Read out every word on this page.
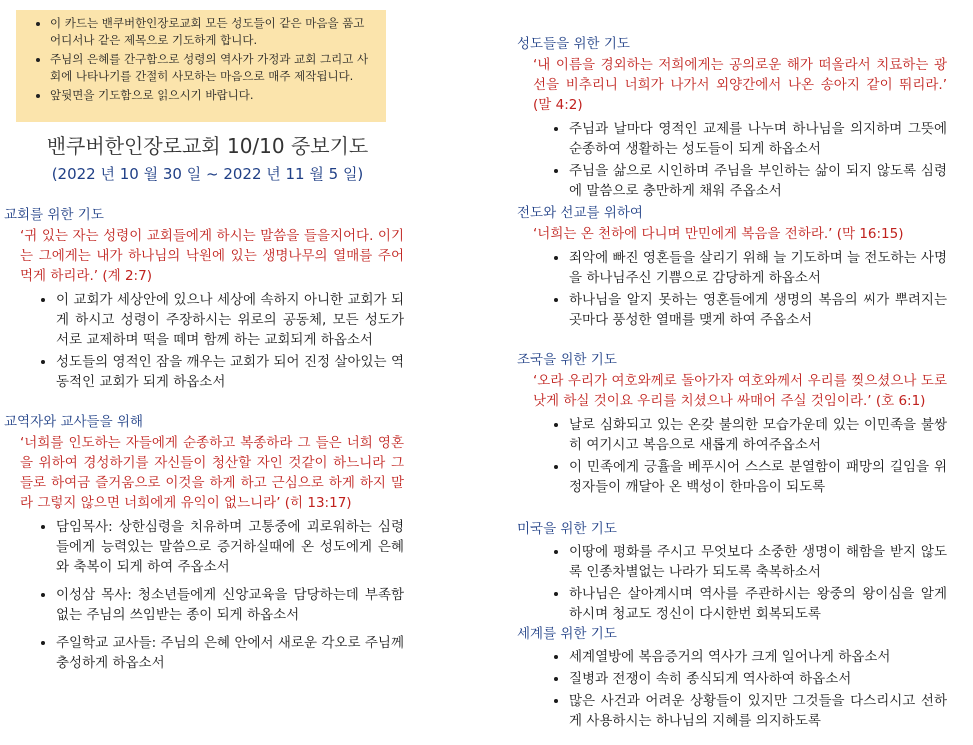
• 이 카드는 밴쿠버한인장로교회 모든 성도들이 같은 마음을 품고 어디서나 같은 제목으로 기도하게 합니다.
• 주님의 은혜를 간구함으로 성령의 역사가 가정과 교회 그리고 사회에 나타나기를 간절히 사모하는 마음으로 매주 제작됩니다.
• 앞뒷면을 기도함으로 읽으시기 바랍니다.
밴쿠버한인장로교회 10/10 중보기도
(2022 년 10 월 30 일 ~ 2022 년 11 월 5 일)

교회를 위한 기도

‘귀 있는 자는 성령이 교회들에게 하시는 말씀을 들을지어다. 이기는 그에게는 내가 하나님의 낙원에 있는 생명나무의 열매를 주어 먹게 하리라.’ (계 2:7)

• 이 교회가 세상안에 있으나 세상에 속하지 아니한 교회가 되게 하시고 성령이 주장하시는 위로의 공동체, 모든 성도가 서로 교제하며 떡을 떼며 함께 하는 교회되게 하옵소서
• 성도들의 영적인 잠을 깨우는 교회가 되어 진정 살아있는 역동적인 교회가 되게 하옵소서

교역자와 교사들을 위해

‘너희를 인도하는 자들에게 순종하고 복종하라 그 들은 너희 영혼을 위하여 경성하기를 자신들이 청산할 자인 것같이 하느니라 그들로 하여금 즐거움으로 이것을 하게 하고 근심으로 하게 하지 말라 그렇지 않으면 너희에게 유익이 없느니라’ (히 13:17)

• 담임목사: 상한심령을 치유하며 고통중에 괴로워하는 심령들에게 능력있는 말씀으로 증거하실때에 온 성도에게 은혜와 축복이 되게 하여 주옵소서
• 이성삼 목사: 청소년들에게 신앙교육을 담당하는데 부족함없는 주님의 쓰임받는 종이 되게 하옵소서
• 주일학교 교사들: 주님의 은혜 안에서 새로운 각오로 주님께 충성하게 하옵소서

성도들을 위한 기도

‘내 이름을 경외하는 저희에게는 공의로운 해가 떠올라서 치료하는 광선을 비추리니 너희가 나가서 외양간에서 나온 송아지 같이 뛰리라.’ (말 4:2)

• 주님과 날마다 영적인 교제를 나누며 하나님을 의지하며 그뜻에 순종하여 생활하는 성도들이 되게 하옵소서
• 주님을 삶으로 시인하며 주님을 부인하는 삶이 되지 않도록 심령에 말씀으로 충만하게 채워 주옵소서

전도와 선교를 위하여

‘너희는 온 천하에 다니며 만민에게 복음을 전하라.’ (막 16:15)

• 죄악에 빠진 영혼들을 살리기 위해 늘 기도하며 늘 전도하는 사명을 하나님주신 기쁨으로 감당하게 하옵소서
• 하나님을 알지 못하는 영혼들에게 생명의 복음의 씨가 뿌려지는 곳마다 풍성한 열매를 맺게 하여 주옵소서

조국을 위한 기도

‘오라 우리가 여호와께로 돌아가자 여호와께서 우리를 찢으셨으나 도로 낫게 하실 것이요 우리를 치셨으나 싸매어 주실 것임이라.’ (호 6:1)

• 날로 심화되고 있는 온갖 불의한 모습가운데 있는 이민족을 불쌍히 여기시고 복음으로 새롭게 하여주옵소서
• 이 민족에게 긍휼을 베푸시어 스스로 분열함이 패망의 길임을 위정자들이 깨달아 온 백성이 한마음이 되도록

미국을 위한 기도

• 이땅에 평화를 주시고 무엇보다 소중한 생명이 해함을 받지 않도록 인종차별없는 나라가 되도록 축복하소서
• 하나님은 살아계시며 역사를 주관하시는 왕중의 왕이심을 알게 하시며 청교도 정신이 다시한번 회복되도록

세계를 위한 기도

• 세계열방에 복음증거의 역사가 크게 일어나게 하옵소서
• 질병과 전쟁이 속히 종식되게 역사하여 하옵소서
• 많은 사건과 어려운 상황들이 있지만 그것들을 다스리시고 선하게 사용하시는 하나님의 지혜를 의지하도록
